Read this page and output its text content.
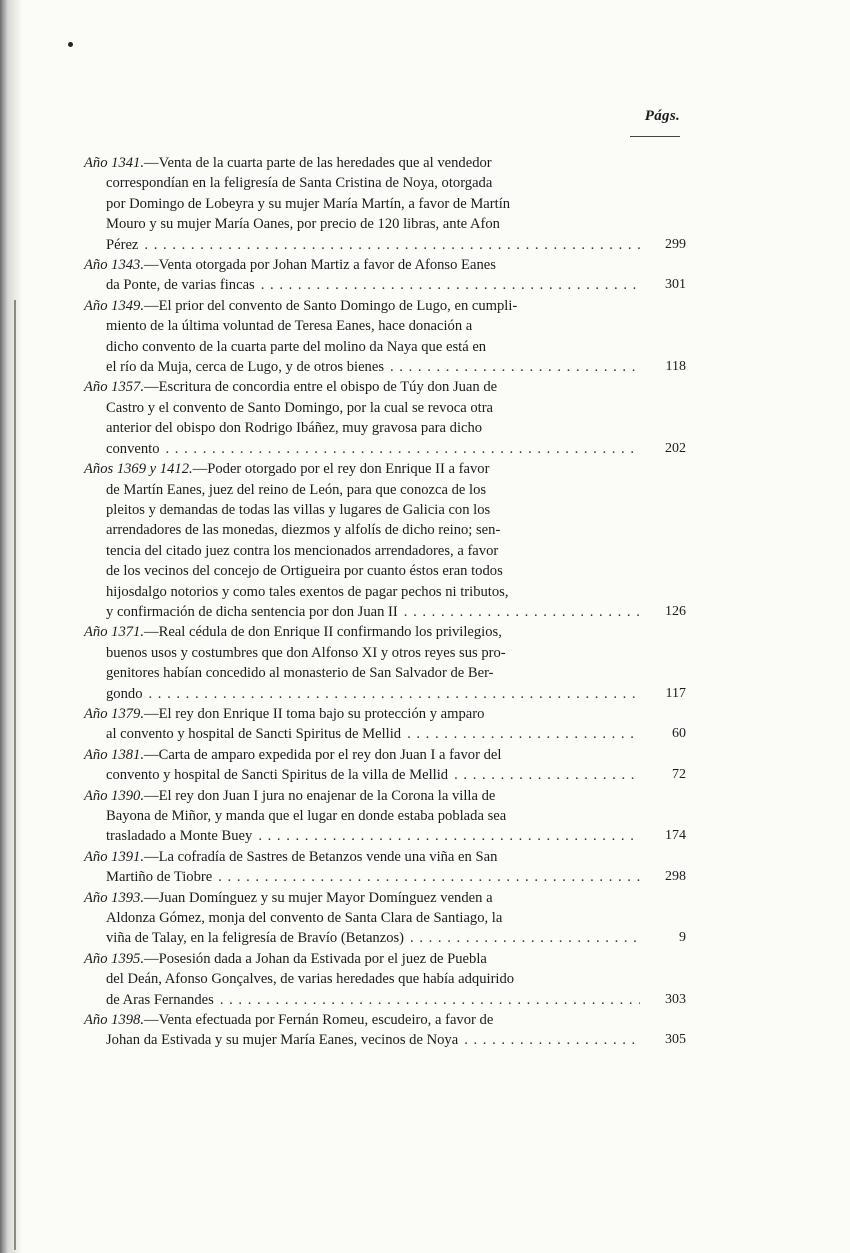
Págs.

Año 1341.—Venta de la cuarta parte de las heredades que al vendedor

correspondían en la feligresía de Santa Cristina de Noya, otorgada

por Domingo de Lobeyra y su mujer María Martín, a favor de Martín

Mouro y su mujer María Oanes, por precio de 120 libras, ante Afon

Pérez . . .	299

Año 1343.—Venta otorgada por Johan Martiz a favor de Afonso Eanes

da Ponte, de varias fincas . . .	301

Año 1349.—El prior del convento de Santo Domingo de Lugo, en cumpli-

miento de la última voluntad de Teresa Eanes, hace donación a

dicho convento de la cuarta parte del molino da Naya que está en

el río da Muja, cerca de Lugo, y de otros bienes . . .	118

Año 1357.—Escritura de concordia entre el obispo de Túy don Juan de

Castro y el convento de Santo Domingo, por la cual se revoca otra

anterior del obispo don Rodrigo Ibáñez, muy gravosa para dicho

convento . . .	202

Años 1369 y 1412.—Poder otorgado por el rey don Enrique II a favor

de Martín Eanes, juez del reino de León, para que conozca de los

pleitos y demandas de todas las villas y lugares de Galicia con los

arrendadores de las monedas, diezmos y alfolís de dicho reino; sen-

tencia del citado juez contra los mencionados arrendadores, a favor

de los vecinos del concejo de Ortigueira por cuanto éstos eran todos

hijosdalgo notorios y como tales exentos de pagar pechos ni tributos,

y confirmación de dicha sentencia por don Juan II . . .	126

Año 1371.—Real cédula de don Enrique II confirmando los privilegios,

buenos usos y costumbres que don Alfonso XI y otros reyes sus pro-

genitores habían concedido al monasterio de San Salvador de Ber-

gondo . . .	117

Año 1379.—El rey don Enrique II toma bajo su protección y amparo

al convento y hospital de Sancti Spiritus de Mellid . . .	60

Año 1381.—Carta de amparo expedida por el rey don Juan I a favor del

convento y hospital de Sancti Spiritus de la villa de Mellid . . .	72

Año 1390.—El rey don Juan I jura no enajenar de la Corona la villa de

Bayona de Miñor, y manda que el lugar en donde estaba poblada sea

trasladado a Monte Buey . . .	174

Año 1391.—La cofradía de Sastres de Betanzos vende una viña en San

Martiño de Tiobre . . .	298

Año 1393.—Juan Domínguez y su mujer Mayor Domínguez venden a

Aldonza Gómez, monja del convento de Santa Clara de Santiago, la

viña de Talay, en la feligresía de Bravío (Betanzos) . . .	9

Año 1395.—Posesión dada a Johan da Estivada por el juez de Puebla

del Deán, Afonso Gonçalves, de varias heredades que había adquirido

de Aras Fernandes . . .	303

Año 1398.—Venta efectuada por Fernán Romeu, escudeiro, a favor de

Johan da Estivada y su mujer María Eanes, vecinos de Noya . . .	305
